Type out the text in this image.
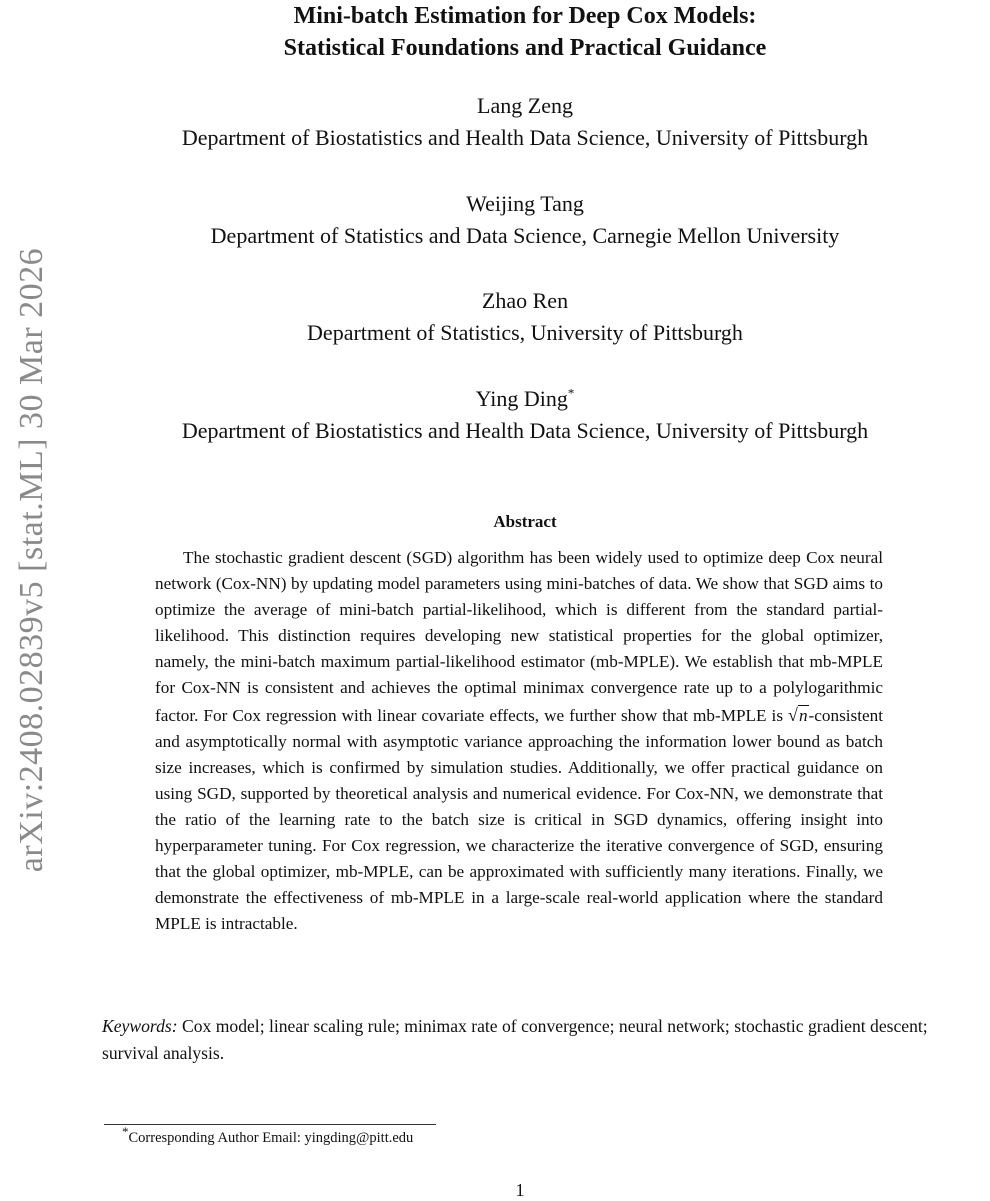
arXiv:2408.02839v5 [stat.ML] 30 Mar 2026
Mini-batch Estimation for Deep Cox Models:
Statistical Foundations and Practical Guidance
Lang Zeng
Department of Biostatistics and Health Data Science, University of Pittsburgh
Weijing Tang
Department of Statistics and Data Science, Carnegie Mellon University
Zhao Ren
Department of Statistics, University of Pittsburgh
Ying Ding*
Department of Biostatistics and Health Data Science, University of Pittsburgh
Abstract
The stochastic gradient descent (SGD) algorithm has been widely used to optimize deep Cox neural network (Cox-NN) by updating model parameters using mini-batches of data. We show that SGD aims to optimize the average of mini-batch partial-likelihood, which is different from the standard partial-likelihood. This distinction requires developing new statistical properties for the global optimizer, namely, the mini-batch maximum partial-likelihood estimator (mb-MPLE). We establish that mb-MPLE for Cox-NN is consistent and achieves the optimal minimax convergence rate up to a polylogarithmic factor. For Cox regression with linear covariate effects, we further show that mb-MPLE is √n-consistent and asymptotically normal with asymptotic variance approaching the information lower bound as batch size increases, which is confirmed by simulation studies. Additionally, we offer practical guidance on using SGD, supported by theoretical analysis and numerical evidence. For Cox-NN, we demonstrate that the ratio of the learning rate to the batch size is critical in SGD dynamics, offering insight into hyperparameter tuning. For Cox regression, we characterize the iterative convergence of SGD, ensuring that the global optimizer, mb-MPLE, can be approximated with sufficiently many iterations. Finally, we demonstrate the effectiveness of mb-MPLE in a large-scale real-world application where the standard MPLE is intractable.
Keywords: Cox model; linear scaling rule; minimax rate of convergence; neural network; stochastic gradient descent; survival analysis.
*Corresponding Author Email: yingding@pitt.edu
1
